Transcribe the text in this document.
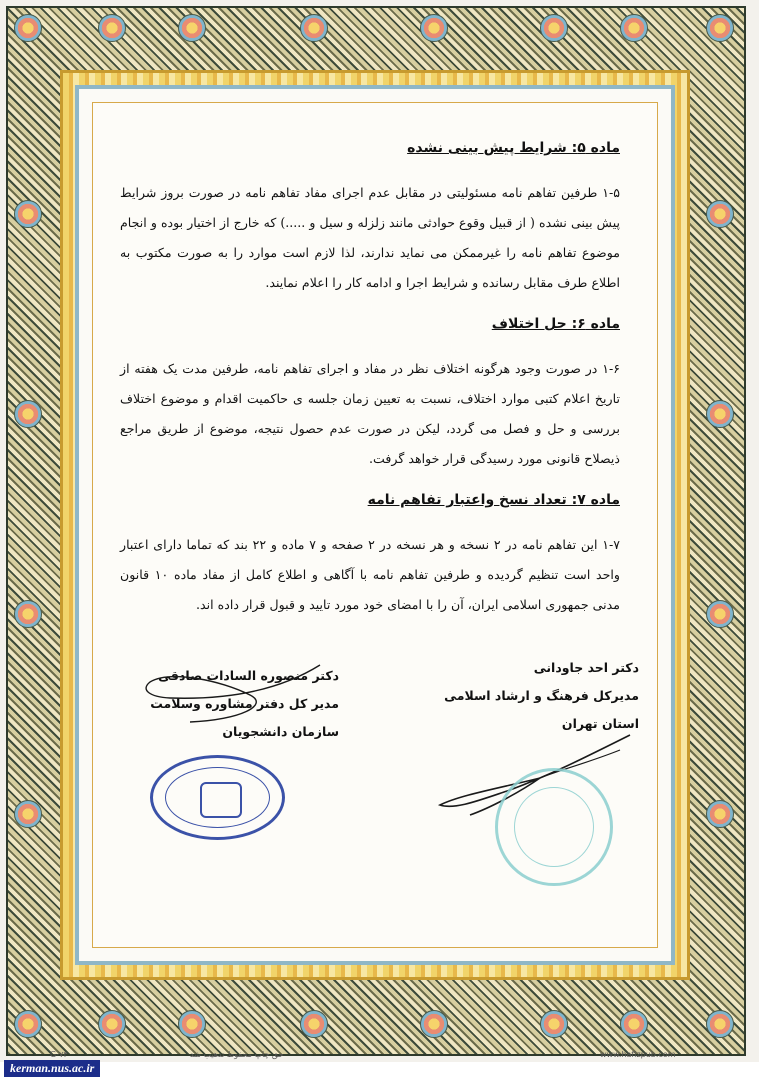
ماده ۵: شرایط پیش بینی نشده

۱-۵ طرفین تفاهم نامه مسئولیتی در مقابل عدم اجرای مفاد تفاهم نامه در صورت بروز شرایط پیش بینی نشده ( از قبیل وقوع حوادثی مانند زلزله و سیل و .....) که خارج از اختیار بوده و انجام موضوع تفاهم نامه را غیرممکن می نماید ندارند، لذا لازم است موارد را به صورت مکتوب به اطلاع طرف مقابل رسانده و شرایط اجرا و ادامه کار را اعلام نمایند.

ماده ۶: حل اختلاف

۱-۶ در صورت وجود هرگونه اختلاف نظر در مفاد و اجرای تفاهم نامه، طرفین مدت یک هفته از تاریخ اعلام کتبی موارد اختلاف، نسبت به تعیین زمان جلسه ی حاکمیت اقدام و موضوع اختلاف بررسی و حل و فصل می گردد، لیکن در صورت عدم حصول نتیجه، موضوع از طریق مراجع ذیصلاح قانونی مورد رسیدگی قرار خواهد گرفت.

ماده ۷: تعداد نسخ واعتبار تفاهم نامه

۱-۷ این تفاهم نامه در ۲ نسخه و هر نسخه در ۲ صفحه و ۷ ماده و ۲۲ بند که تماما دارای اعتبار واحد است تنظیم گردیده و طرفین تفاهم نامه با آگاهی و اطلاع کامل از مفاد ماده ۱۰ قانون مدنی جمهوری اسلامی ایران، آن را با امضای خود مورد تایید و قبول قرار داده اند.

دکتر احد جاودانی
مدیرکل فرهنگ و ارشاد اسلامی
استان تهران
دکتر منصوره السادات صادقی
مدیر کل دفتر مشاوره وسلامت
سازمان دانشجویان
حق چاپ محفوظ تذهیب شد
G-۷۴	www.hafizpub.com
kerman.nus.ac.ir
